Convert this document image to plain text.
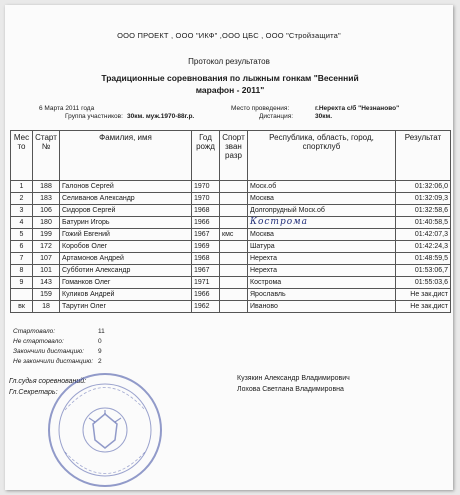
ООО ПРОЕКТ , ООО "ИКФ" ,ООО ЦБС , ООО "Стройзащита"
Протокол результатов
Традиционные соревнования по лыжным гонкам "Весенний
марафон - 2011"
6 Марта 2011 года
Группа участников: 30км. муж.1970-88г.р.
Место проведения:	г.Нерехта с/б "Незнаново"
Дистанция:	30км.
Мес то	Старт №	Фамилия, имя	Год рожд	Спорт зван разр	Республика, область, город, спортклуб	Результат
1	188	Галонов Сергей	1970		Моск.об	01:32:06,0
2	183	Селиванов Александр	1970		Москва	01:32:09,3
3	106	Сидоров Сергей	1968		Долгопрудный Моск.об	01:32:58,6
4	180	Батурин Игорь	1966		Кострома	01:40:58,5
5	199	Гожий Евгений	1967	кмс	Москва	01:42:07,3
6	172	Коробов Олег	1969		Шатура	01:42:24,3
7	107	Артамонов Андрей	1968		Нерехта	01:48:59,5
8	101	Субботин Александр	1967		Нерехта	01:53:06,7
9	143	Гоманков Олег	1971		Кострома	01:55:03,6
	159	Куликов Андрей	1966		Ярославль	Не зак.дист
вк	18	Тарутин Олег	1962		Иваново	Не зак.дист
Стартовало:	11
Не стартовало:	0
Закончили дистанцию: 9
Не закончили дистанцию: 2
Гл.судья соревнований:
Гл.Секретарь:
Кузякин Александр Владимирович
Лохова Светлана Владимировна
